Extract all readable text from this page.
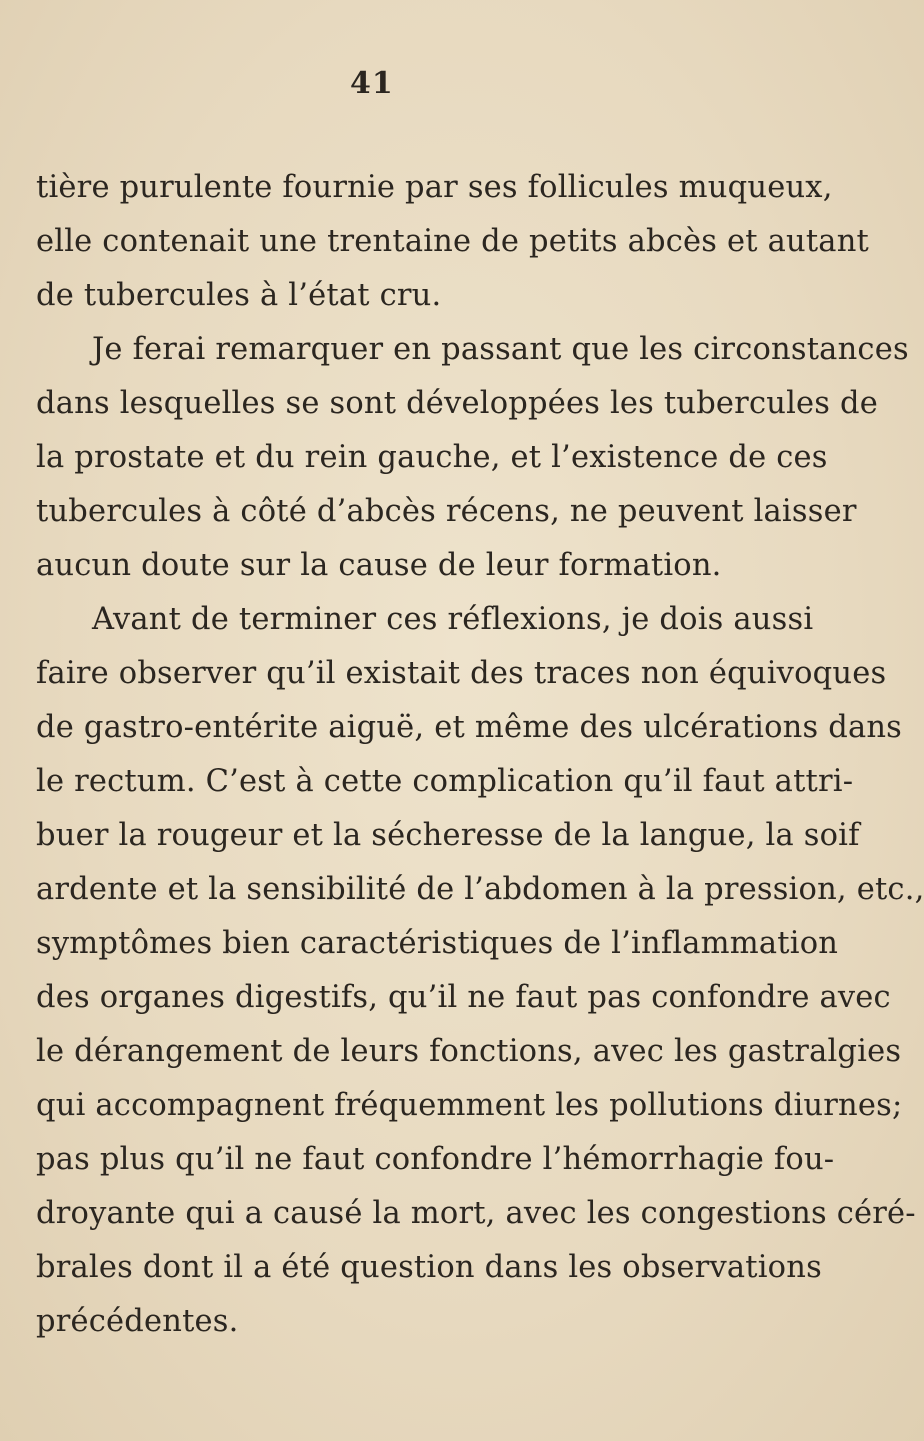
41
tière purulente fournie par ses follicules muqueux,
elle contenait une trentaine de petits abcès et autant
de tubercules à l’état cru.
Je ferai remarquer en passant que les circonstances
dans lesquelles se sont développées les tubercules de
la prostate et du rein gauche, et l’existence de ces
tubercules à côté d’abcès récens, ne peuvent laisser
aucun doute sur la cause de leur formation.
Avant de terminer ces réflexions, je dois aussi
faire observer qu’il existait des traces non équivoques
de gastro-entérite aiguë, et même des ulcérations dans
le rectum. C’est à cette complication qu’il faut attri-
buer la rougeur et la sécheresse de la langue, la soif
ardente et la sensibilité de l’abdomen à la pression, etc.,
symptômes bien caractéristiques de l’inflammation
des organes digestifs, qu’il ne faut pas confondre avec
le dérangement de leurs fonctions, avec les gastralgies
qui accompagnent fréquemment les pollutions diurnes;
pas plus qu’il ne faut confondre l’hémorrhagie fou-
droyante qui a causé la mort, avec les congestions céré-
brales dont il a été question dans les observations
précédentes.
